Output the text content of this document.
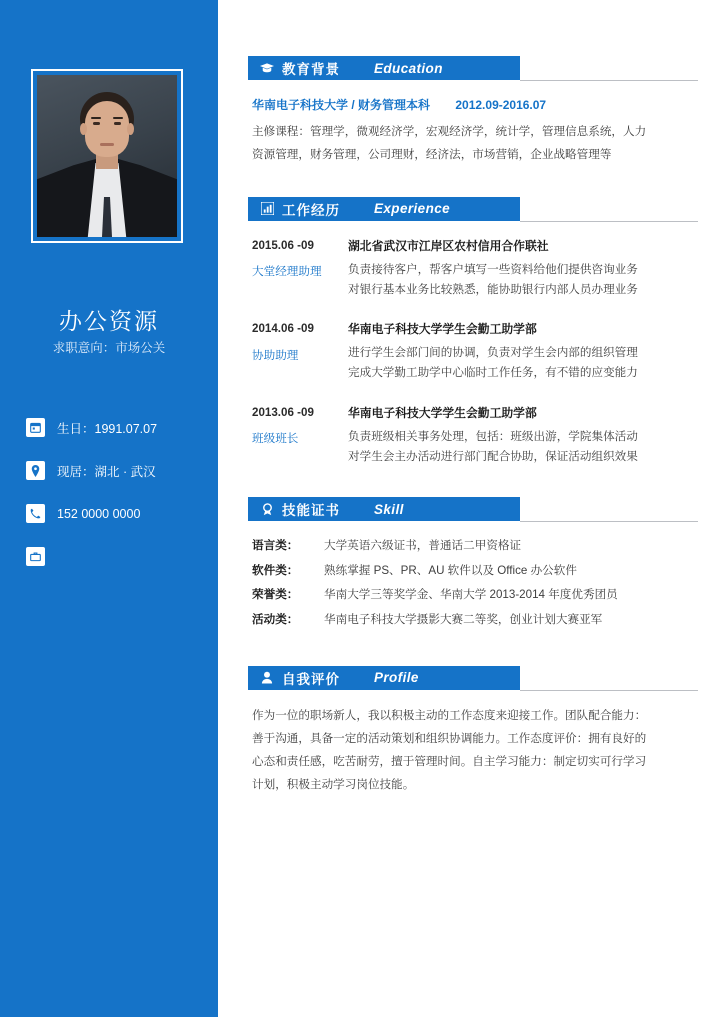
办公资源
求职意向：市场公关
生日：1991.07.07
现居：湖北 · 武汉
152 0000 0000
教育背景	Education
华南电子科技大学 / 财务管理本科 2012.09-2016.07
主修课程：管理学，微观经济学，宏观经济学，统计学，管理信息系统，人力
资源管理，财务管理，公司理财，经济法，市场营销，企业战略管理等
工作经历	Experience
2015.06 -09
大堂经理助理
湖北省武汉市江岸区农村信用合作联社
负责接待客户，帮客户填写一些资料给他们提供咨询业务
对银行基本业务比较熟悉，能协助银行内部人员办理业务
2014.06 -09
协助助理
华南电子科技大学学生会勤工助学部
进行学生会部门间的协调，负责对学生会内部的组织管理
完成大学勤工助学中心临时工作任务，有不错的应变能力
2013.06 -09
班级班长
华南电子科技大学学生会勤工助学部
负责班级相关事务处理，包括：班级出游，学院集体活动
对学生会主办活动进行部门配合协助，保证活动组织效果
技能证书	Skill
语言类：	大学英语六级证书，普通话二甲资格证
软件类：	熟练掌握 PS、PR、AU 软件以及 Office 办公软件
荣誉类：	华南大学三等奖学金、华南大学 2013-2014 年度优秀团员
活动类：	华南电子科技大学摄影大赛二等奖，创业计划大赛亚军
自我评价	Profile
作为一位的职场新人，我以积极主动的工作态度来迎接工作。团队配合能力：
善于沟通，具备一定的活动策划和组织协调能力。工作态度评价：拥有良好的
心态和责任感，吃苦耐劳，擅于管理时间。自主学习能力：制定切实可行学习
计划，积极主动学习岗位技能。
